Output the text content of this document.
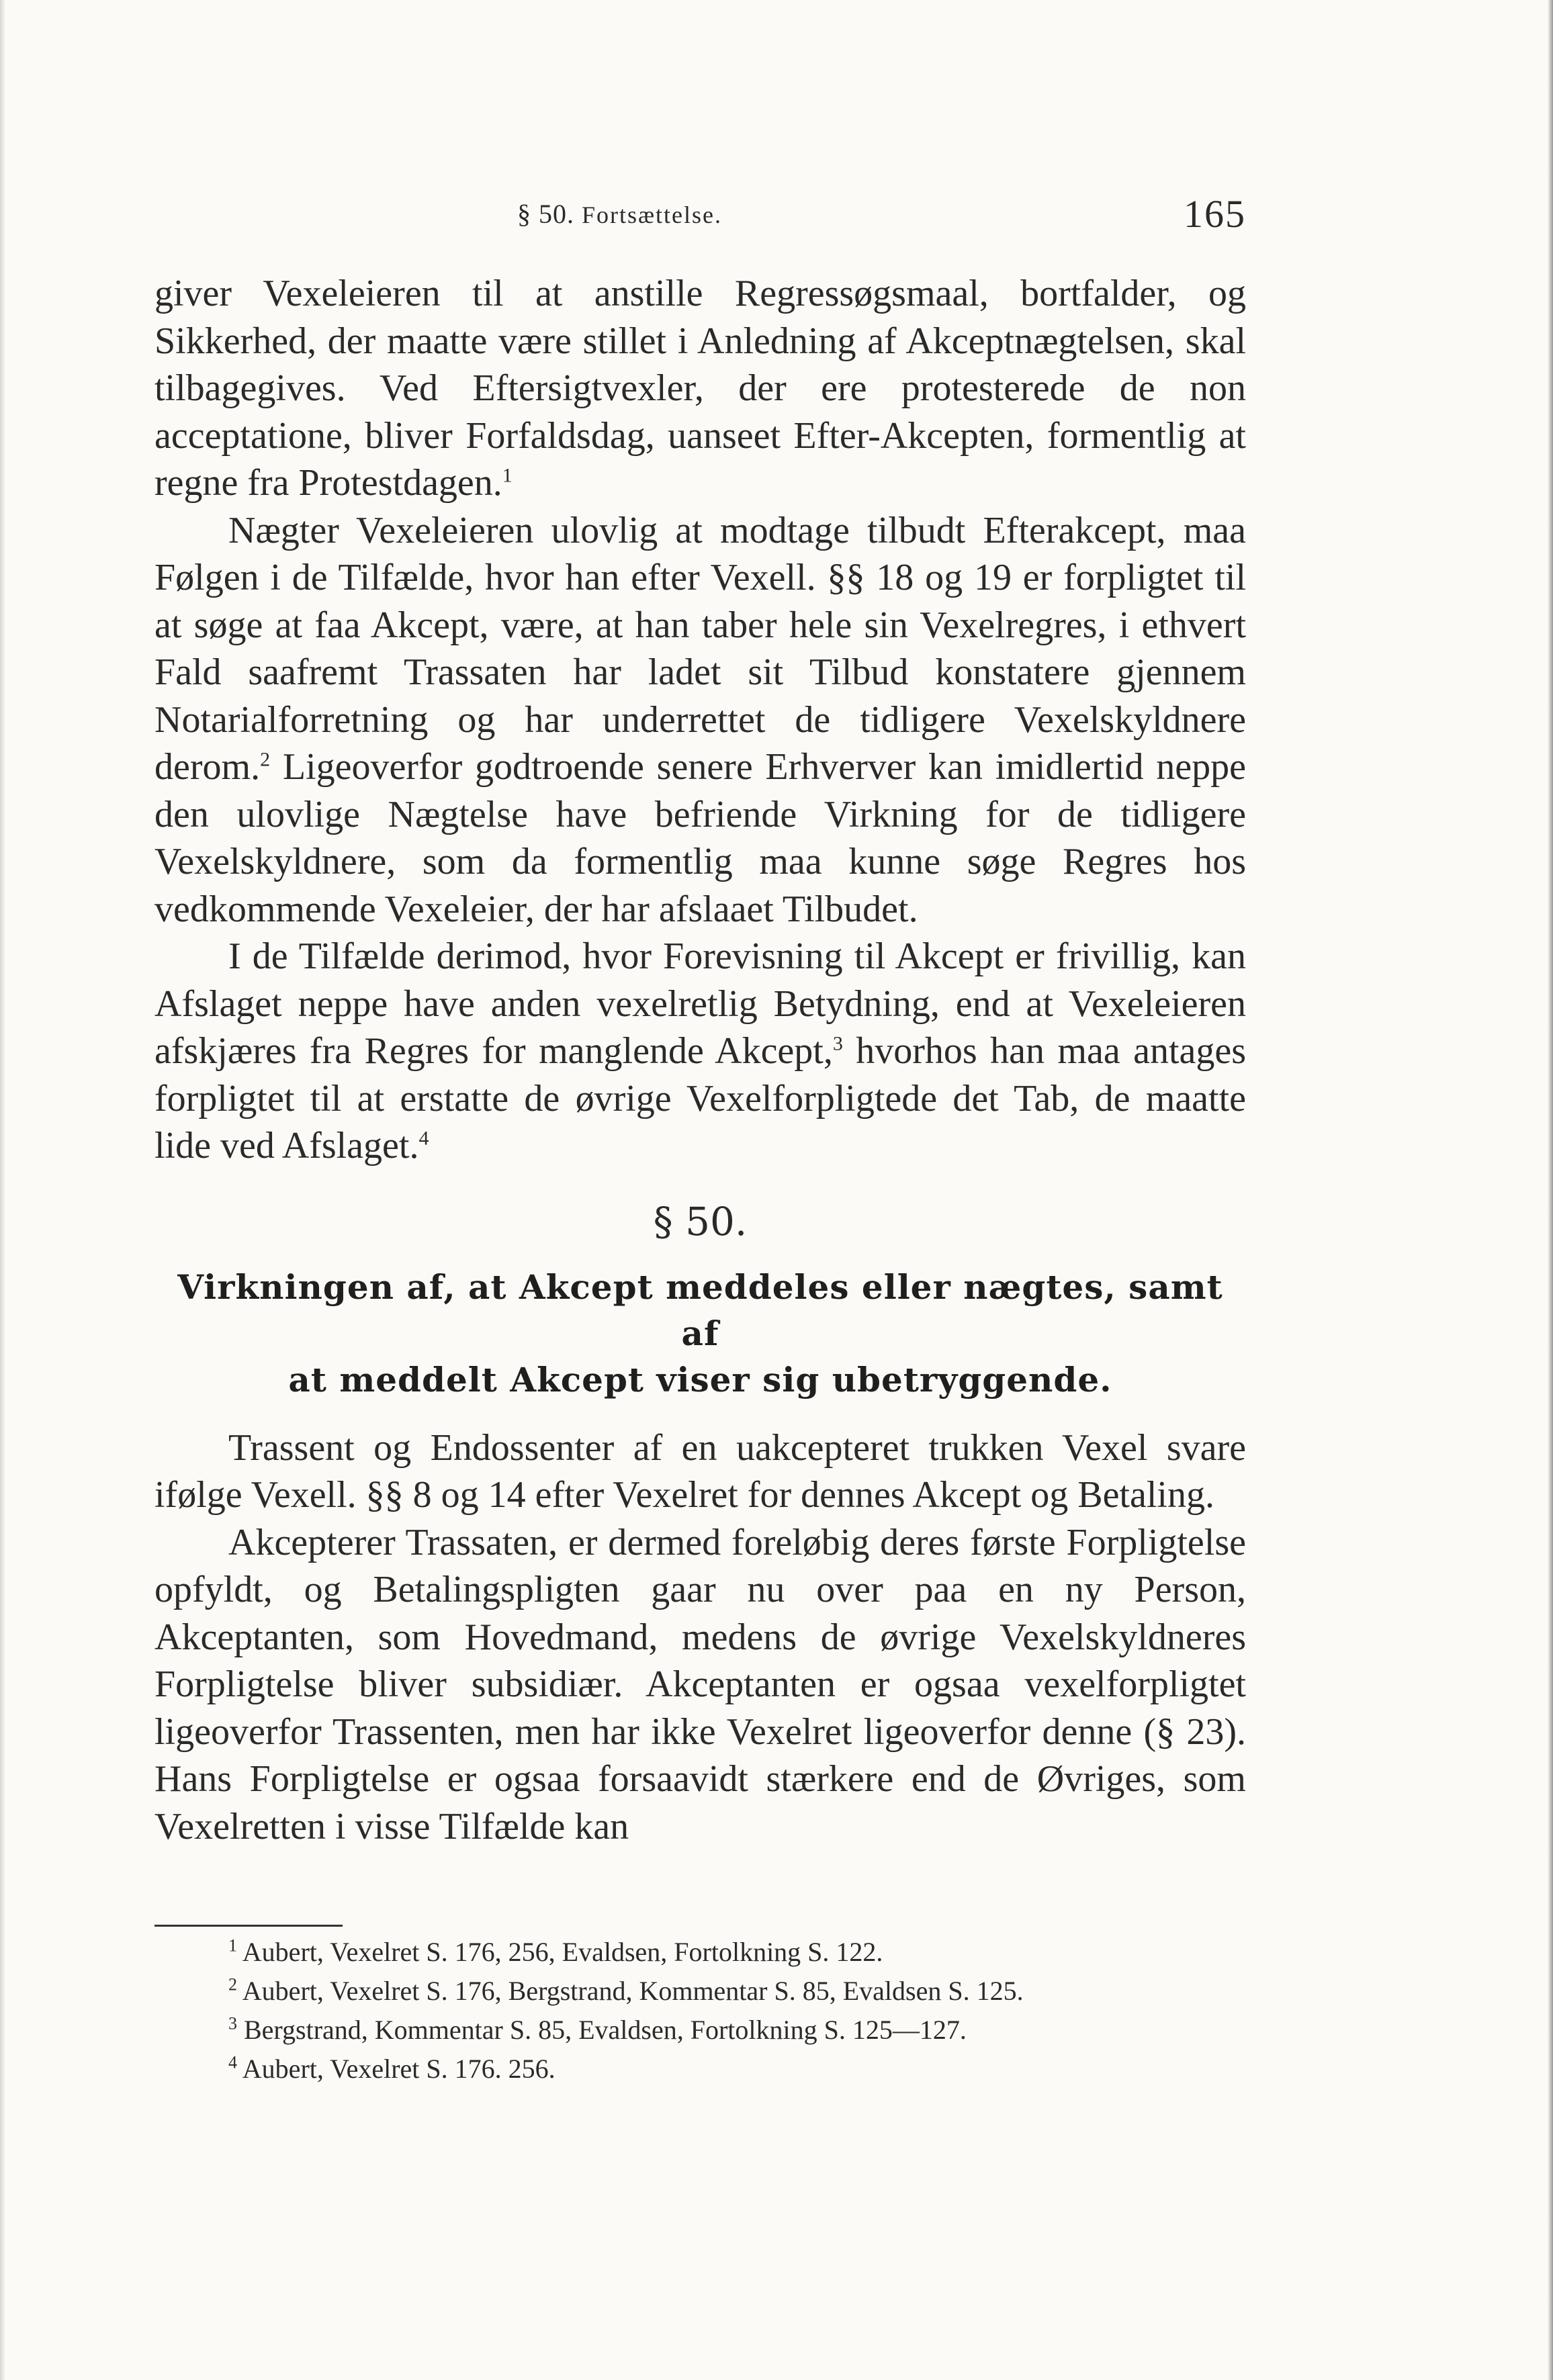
§ 50. Fortsættelse.	165

giver Vexeleieren til at anstille Regressøgsmaal, bortfalder, og Sikkerhed, der maatte være stillet i Anledning af Akceptnægtelsen, skal tilbagegives. Ved Eftersigtvexler, der ere protesterede de non acceptatione, bliver Forfaldsdag, uanseet Efter-Akcepten, formentlig at regne fra Protestdagen.$^1$

Nægter Vexeleieren ulovlig at modtage tilbudt Efterakcept, maa Følgen i de Tilfælde, hvor han efter Vexell. §§ 18 og 19 er forpligtet til at søge at faa Akcept, være, at han taber hele sin Vexelregres, i ethvert Fald saafremt Trassaten har ladet sit Tilbud konstatere gjennem Notarialforretning og har underrettet de tidligere Vexelskyldnere derom.$^2$ Ligeoverfor godtroende senere Erhverver kan imidlertid neppe den ulovlige Nægtelse have befriende Virkning for de tidligere Vexelskyldnere, som da formentlig maa kunne søge Regres hos vedkommende Vexeleier, der har afslaaet Tilbudet.

I de Tilfælde derimod, hvor Forevisning til Akcept er frivillig, kan Afslaget neppe have anden vexelretlig Betydning, end at Vexeleieren afskjæres fra Regres for manglende Akcept,$^3$ hvorhos han maa antages forpligtet til at erstatte de øvrige Vexelforpligtede det Tab, de maatte lide ved Afslaget.$^4$

§ 50.
Virkningen af, at Akcept meddeles eller nægtes, samt af
at meddelt Akcept viser sig ubetryggende.

Trassent og Endossenter af en uakcepteret trukken Vexel svare ifølge Vexell. §§ 8 og 14 efter Vexelret for dennes Akcept og Betaling.

Akcepterer Trassaten, er dermed foreløbig deres første Forpligtelse opfyldt, og Betalingspligten gaar nu over paa en ny Person, Akceptanten, som Hovedmand, medens de øvrige Vexelskyldneres Forpligtelse bliver subsidiær. Akceptanten er ogsaa vexelforpligtet ligeoverfor Trassenten, men har ikke Vexelret ligeoverfor denne (§ 23). Hans Forpligtelse er ogsaa forsaavidt stærkere end de Øvriges, som Vexelretten i visse Tilfælde kan

$^1$ Aubert, Vexelret S. 176, 256, Evaldsen, Fortolkning S. 122.

$^2$ Aubert, Vexelret S. 176, Bergstrand, Kommentar S. 85, Evaldsen S. 125.

$^3$ Bergstrand, Kommentar S. 85, Evaldsen, Fortolkning S. 125—127.

$^4$ Aubert, Vexelret S. 176. 256.
